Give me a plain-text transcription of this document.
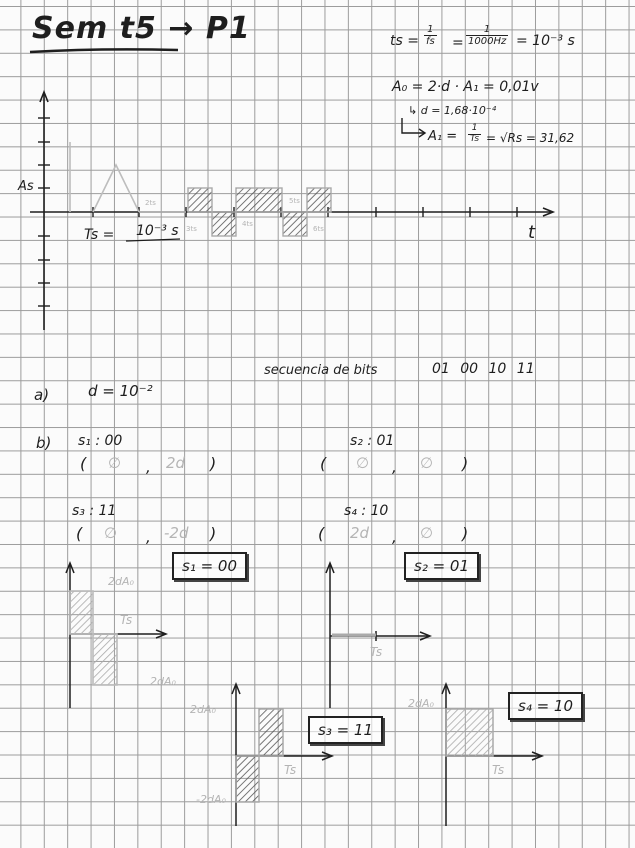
Sem t5 → P1	ts = $\frac{1}{fs} = \frac{1}{1000Hz} = 10^{-3}$ s
A₀ = 2·d · A₁ = 0,01v
↳ d = 1,68·10⁻⁴
$A_1 = \frac{1}{Ts} = √Rs = 31,62$
As
t
Ts = 10⁻³ s
2ts
3ts
4ts
5ts
6ts
secuencia de bits	01 00 10 11
a)	d = 10⁻²
b) s₁ : 00
( ∅ , 2d )
s₂ : 01
( ∅ , ∅ )
s₃ : 11
( ∅ , -2d )
s₄ : 10
( 2d , ∅ )
s₁ = 00
2dA₀
2dA₀
Ts
s₂ = 01
Ts
s₃ = 11
2dA₀
-2dA₀
Ts
s₄ = 10
2dA₀
Ts
